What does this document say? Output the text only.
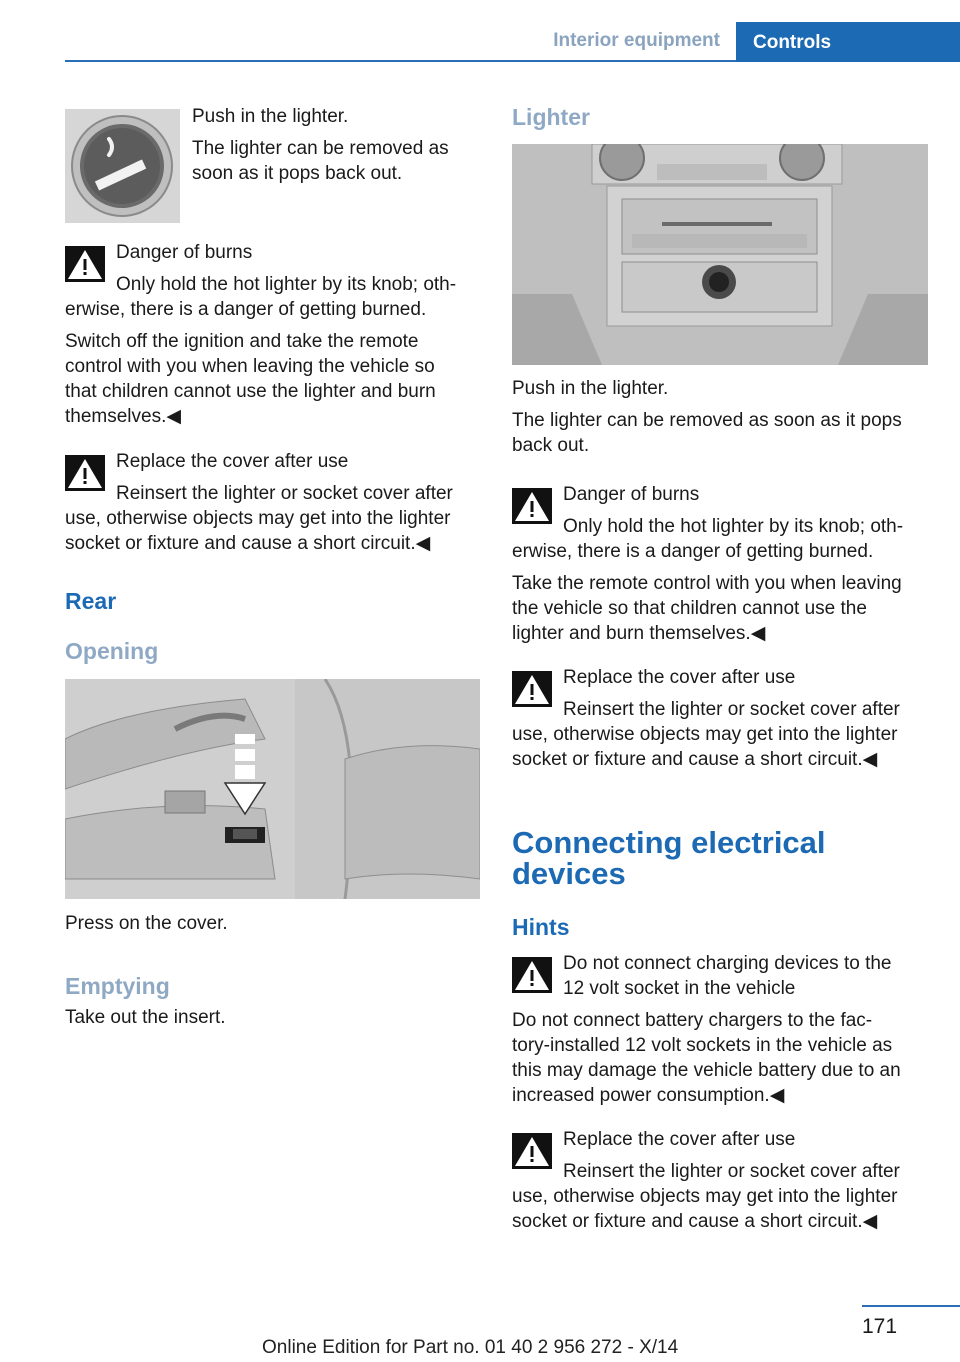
Interior equipment	Controls

Push in the lighter.

The lighter can be removed as

soon as it pops back out.

Danger of burns

Only hold the hot lighter by its knob; oth-

erwise, there is a danger of getting burned.

Switch off the ignition and take the remote

control with you when leaving the vehicle so

that children cannot use the lighter and burn

themselves.◀

Replace the cover after use

Reinsert the lighter or socket cover after

use, otherwise objects may get into the lighter

socket or fixture and cause a short circuit.◀

Rear
Opening

Press on the cover.

Emptying

Take out the insert.

Lighter

Push in the lighter.

The lighter can be removed as soon as it pops

back out.

Danger of burns

Only hold the hot lighter by its knob; oth-

erwise, there is a danger of getting burned.

Take the remote control with you when leaving

the vehicle so that children cannot use the

lighter and burn themselves.◀

Replace the cover after use

Reinsert the lighter or socket cover after

use, otherwise objects may get into the lighter

socket or fixture and cause a short circuit.◀

Connecting electrical
devices
Hints

Do not connect charging devices to the

12 volt socket in the vehicle

Do not connect battery chargers to the fac-

tory-installed 12 volt sockets in the vehicle as

this may damage the vehicle battery due to an

increased power consumption.◀

Replace the cover after use

Reinsert the lighter or socket cover after

use, otherwise objects may get into the lighter

socket or fixture and cause a short circuit.◀

171
Online Edition for Part no. 01 40 2 956 272 - X/14
